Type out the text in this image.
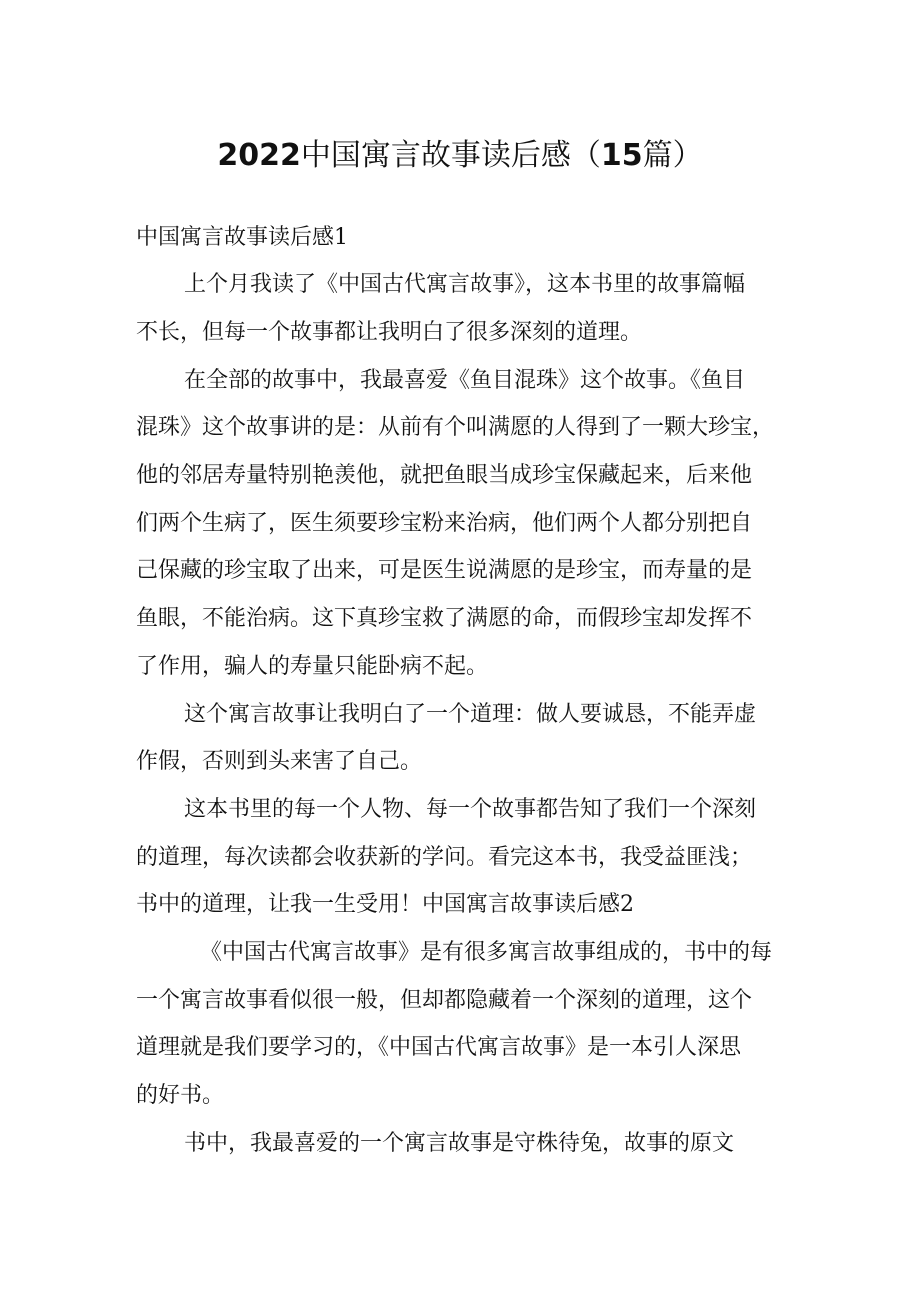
2022中国寓言故事读后感（15篇）
中国寓言故事读后感1
上个月我读了《中国古代寓言故事》，这本书里的故事篇幅
不长，但每一个故事都让我明白了很多深刻的道理。
在全部的故事中，我最喜爱《鱼目混珠》这个故事。《鱼目
混珠》这个故事讲的是：从前有个叫满愿的人得到了一颗大珍宝，
他的邻居寿量特别艳羡他，就把鱼眼当成珍宝保藏起来，后来他
们两个生病了，医生须要珍宝粉来治病，他们两个人都分别把自
己保藏的珍宝取了出来，可是医生说满愿的是珍宝，而寿量的是
鱼眼，不能治病。这下真珍宝救了满愿的命，而假珍宝却发挥不
了作用，骗人的寿量只能卧病不起。
这个寓言故事让我明白了一个道理：做人要诚恳，不能弄虚
作假，否则到头来害了自己。
这本书里的每一个人物、每一个故事都告知了我们一个深刻
的道理，每次读都会收获新的学问。看完这本书，我受益匪浅；
书中的道理，让我一生受用！中国寓言故事读后感2
《中国古代寓言故事》是有很多寓言故事组成的，书中的每
一个寓言故事看似很一般，但却都隐藏着一个深刻的道理，这个
道理就是我们要学习的，《中国古代寓言故事》是一本引人深思
的好书。
书中，我最喜爱的一个寓言故事是守株待兔，故事的原文
